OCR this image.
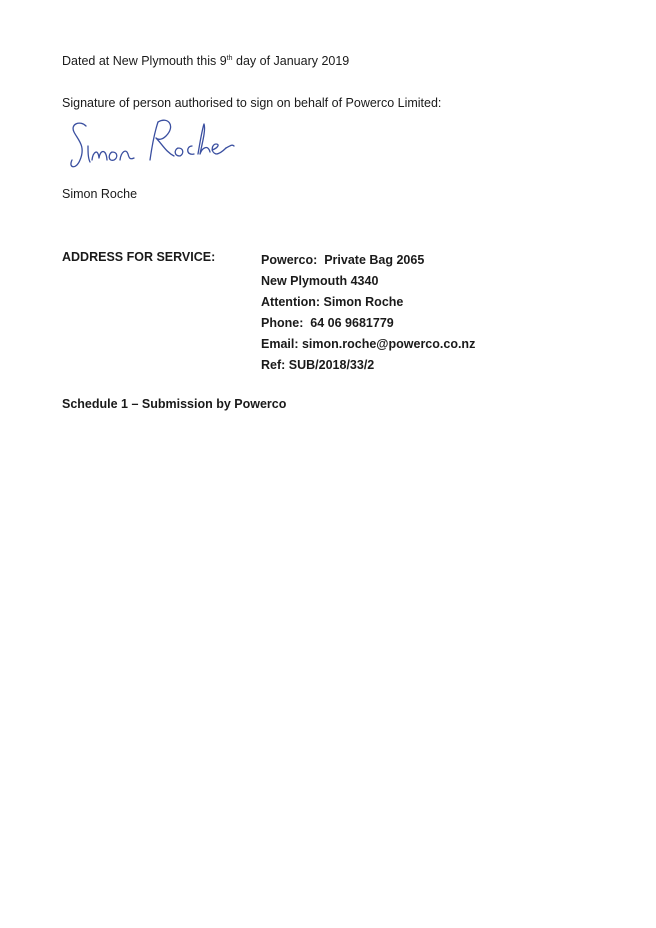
Dated at New Plymouth this 9th day of January 2019
Signature of person authorised to sign on behalf of Powerco Limited:
Simon Roche
ADDRESS FOR SERVICE:	Powerco:  Private Bag 2065
New Plymouth 4340
Attention: Simon Roche
Phone:  64 06 9681779
Email: simon.roche@powerco.co.nz
Ref: SUB/2018/33/2
Schedule 1 – Submission by Powerco
